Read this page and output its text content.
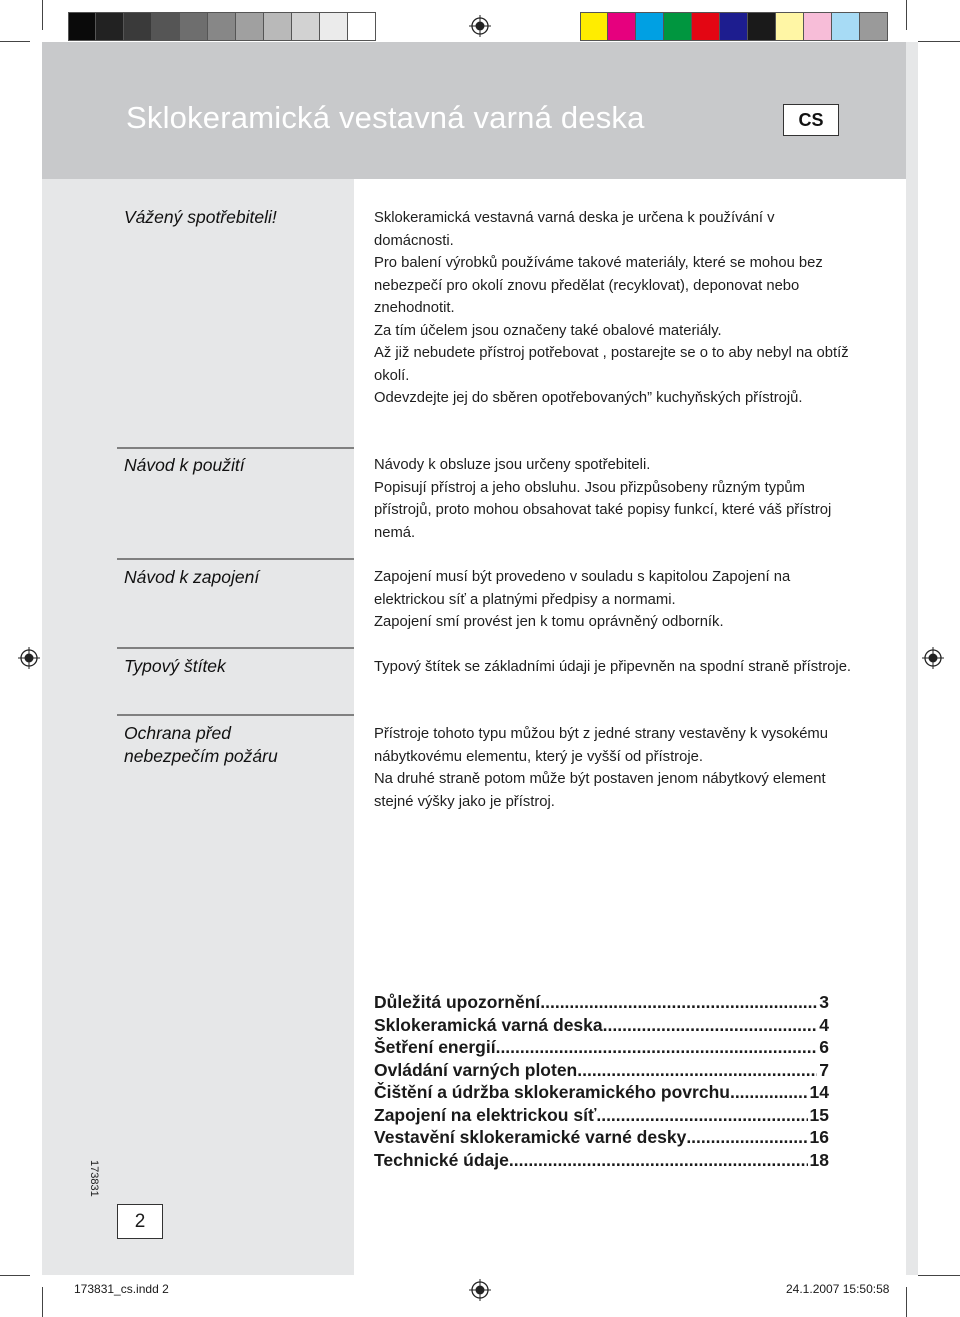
Sklokeramická vestavná varná deska	CS
Vážený spotřebiteli!	Sklokeramická vestavná varná deska je určena k používání v domácnosti.

Pro balení výrobků používáme takové materiály, které se mohou bez nebezpečí pro okolí znovu předělat (recyklovat), deponovat nebo znehodnotit.

Za tím účelem jsou označeny také obalové materiály.

Až již nebudete přístroj potřebovat , postarejte se o to aby nebyl na obtíž okolí.

Odevzdejte jej do sběren opotřebovaných” kuchyňských přístrojů.

Návod k použití	Návody k obsluze jsou určeny spotřebiteli.

Popisují přístroj a jeho obsluhu. Jsou přizpůsobeny různým typům přístrojů, proto mohou obsahovat také popisy funkcí, které váš přístroj nemá.

Návod k zapojení	Zapojení musí být provedeno v souladu s kapitolou Zapojení na elektrickou síť a platnými předpisy a normami.

Zapojení smí provést jen k tomu oprávněný odborník.

Typový štítek	Typový štítek se základními údaji je připevněn na spodní straně přístroje.

Ochrana před nebezpečím požáru

Přístroje tohoto typu můžou být z jedné strany vestavěny k vysokému nábytkovému elementu, který je vyšší od přístroje.

Na druhé straně potom může být postaven jenom nábytkový element stejné výšky jako je přístroj.

Důležitá upozornění .....	3
Sklokeramická varná deska .....	4
Šetření energií .....	6
Ovládání varných ploten .....	7
Čištění a údržba sklokeramického povrchu .....	14
Zapojení na elektrickou síť .....	15
Vestavění sklokeramické varné desky .....	16
Technické údaje .....	18
173831
2
173831_cs.indd 2	24.1.2007 15:50:58
